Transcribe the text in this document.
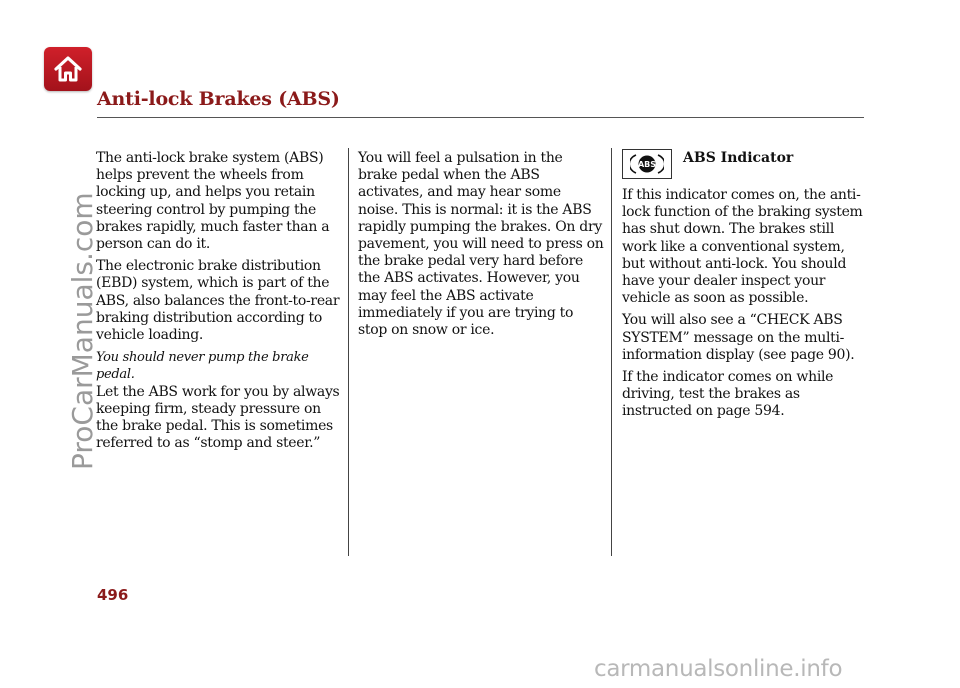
Anti-lock Brakes (ABS)

The anti-lock brake system (ABS) helps prevent the wheels from locking up, and helps you retain steering control by pumping the brakes rapidly, much faster than a person can do it.

The electronic brake distribution (EBD) system, which is part of the ABS, also balances the front-to-rear braking distribution according to vehicle loading.

You should never pump the brake pedal.

Let the ABS work for you by always keeping firm, steady pressure on the brake pedal. This is sometimes referred to as “stomp and steer.”

You will feel a pulsation in the brake pedal when the ABS activates, and may hear some noise. This is normal: it is the ABS rapidly pumping the brakes. On dry pavement, you will need to press on the brake pedal very hard before the ABS activates. However, you may feel the ABS activate immediately if you are trying to stop on snow or ice.

ABS ABS Indicator

If this indicator comes on, the anti-lock function of the braking system has shut down. The brakes still work like a conventional system, but without anti-lock. You should have your dealer inspect your vehicle as soon as possible.

You will also see a “CHECK ABS SYSTEM” message on the multi-information display (see page 90).

If the indicator comes on while driving, test the brakes as instructed on page 594.

496
ProCarManuals.com
carmanualsonline.info
